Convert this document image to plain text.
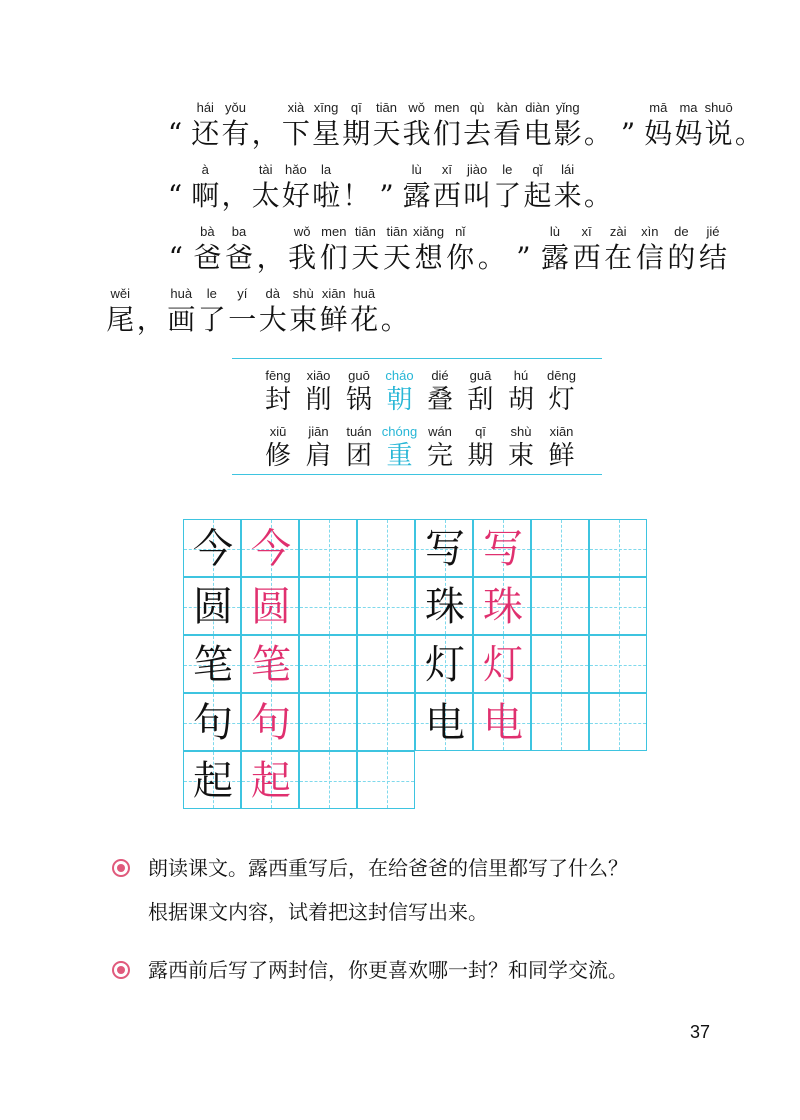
“
hái
还
yǒu
有 ，
xià
下
xīng
星
qī
期
tiān
天
wǒ
我
men
们
qù
去
kàn
看
diàn
电
yǐng
影 。 ”
mā
妈
ma
妈
shuō
说 。
“
à
啊 ，
tài
太
hǎo
好
la
啦 ！ ”
lù
露
xī
西
jiào
叫
le
了
qǐ
起
lái
来 。
“
bà
爸
ba
爸 ，
wǒ
我
men
们
tiān
天
tiān
天
xiǎng
想
nǐ
你 。 ”
lù
露
xī
西
zài
在
xìn
信
de
的
jié
结
wěi
尾 ，
huà
画
le
了
yí
一
dà
大
shù
束
xiān
鲜
huā
花 。
fēng
封
xiāo
削
guō
锅
cháo
朝
dié
叠
guā
刮
hú
胡
dēng
灯
xiū
修
jiān
肩
tuán
团
chóng
重
wán
完
qī
期
shù
束
xiān
鲜
今 今
圆 圆
笔 笔
句 句
起 起
写 写
珠 珠
灯 灯
电 电
朗读课文。露西重写后，在给爸爸的信里都写了什么？
根据课文内容，试着把这封信写出来。
露西前后写了两封信，你更喜欢哪一封？和同学交流。
37
